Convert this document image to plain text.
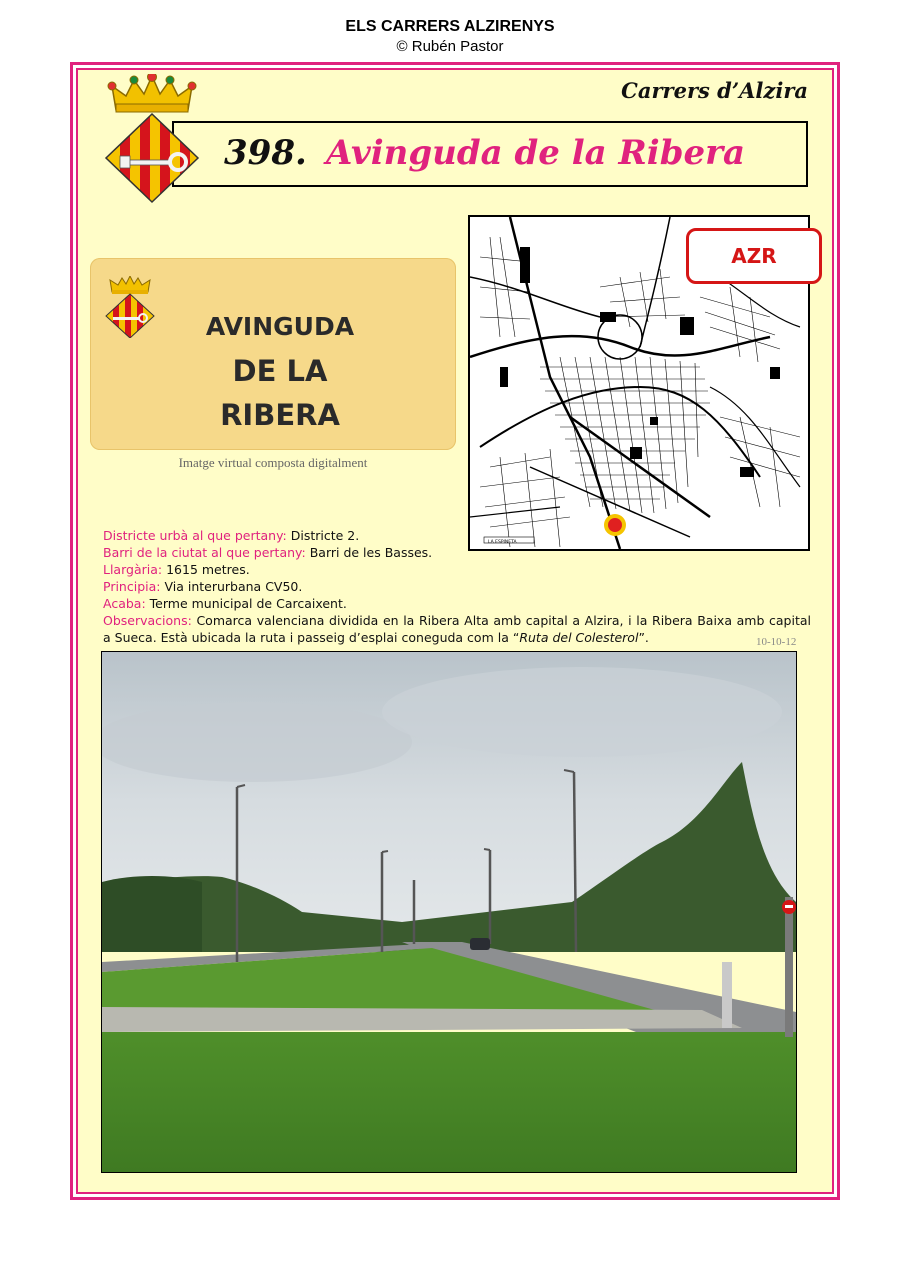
ELS CARRERS ALZIRENYS
© Rubén Pastor
Carrers d’Alzira
398. Avinguda de la Ribera
AVINGUDA
DE LA
RIBERA
Imatge virtual composta digitalment
LA ESPINETA
AZR

Districte urbà al que pertany: Districte 2.

Barri de la ciutat al que pertany: Barri de les Basses.

Llargària: 1615 metres.

Principia: Via interurbana CV50.

Acaba: Terme municipal de Carcaixent.

Observacions: Comarca valenciana dividida en la Ribera Alta amb capital a Alzira, i la Ribera Baixa amb capital a Sueca. Està ubicada la ruta i passeig d’esplai coneguda com la “Ruta del Colesterol”.	10-10-12
